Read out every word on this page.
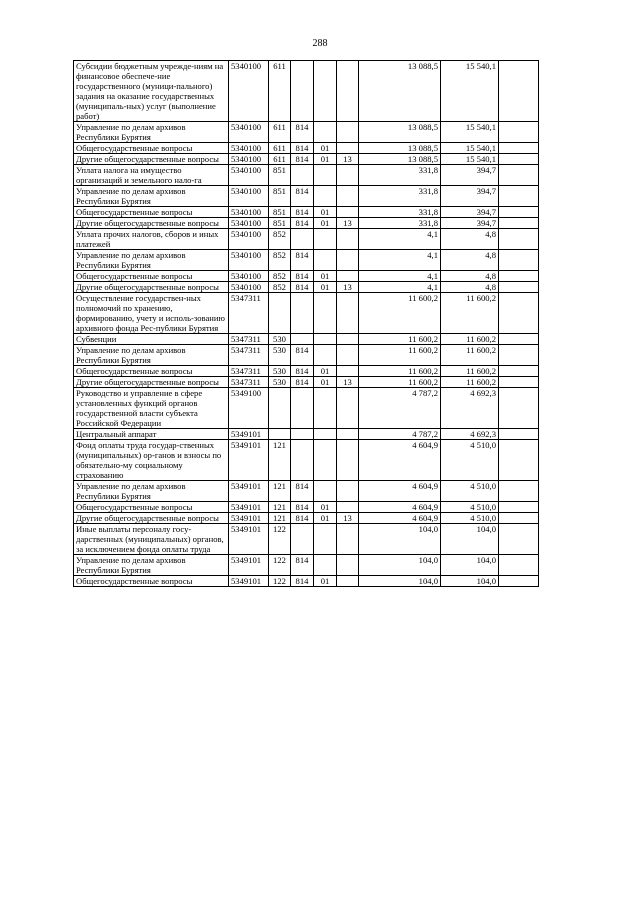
288
Субсидии бюджетным учрежде-ниям на финансовое обеспече-ние государственного (муници-пального) задания на оказание государственных (муниципаль-ных) услуг (выполнение работ)	5340100	611				13 088,5	15 540,1	
Управление по делам архивов Республики Бурятия	5340100	611	814			13 088,5	15 540,1	
Общегосударственные вопросы	5340100	611	814	01		13 088,5	15 540,1	
Другие общегосударственные вопросы	5340100	611	814	01	13	13 088,5	15 540,1	
Уплата налога на имущество организаций и земельного нало-га	5340100	851				331,8	394,7	
Управление по делам архивов Республики Бурятия	5340100	851	814			331,8	394,7	
Общегосударственные вопросы	5340100	851	814	01		331,8	394,7	
Другие общегосударственные вопросы	5340100	851	814	01	13	331,8	394,7	
Уплата прочих налогов, сборов и иных платежей	5340100	852				4,1	4,8	
Управление по делам архивов Республики Бурятия	5340100	852	814			4,1	4,8	
Общегосударственные вопросы	5340100	852	814	01		4,1	4,8	
Другие общегосударственные вопросы	5340100	852	814	01	13	4,1	4,8	
Осуществление государствен-ных полномочий по хранению, формированию, учету и исполь-зованию архивного фонда Рес-публики Бурятия	5347311					11 600,2	11 600,2	
Субвенции	5347311	530				11 600,2	11 600,2	
Управление по делам архивов Республики Бурятия	5347311	530	814			11 600,2	11 600,2	
Общегосударственные вопросы	5347311	530	814	01		11 600,2	11 600,2	
Другие общегосударственные вопросы	5347311	530	814	01	13	11 600,2	11 600,2	
Руководство и управление в сфере установленных функций органов государственной власти субъекта Российской Федерации	5349100					4 787,2	4 692,3	
Центральный аппарат	5349101					4 787,2	4 692,3	
Фонд оплаты труда государ-ственных (муниципальных) ор-ганов и взносы по обязательно-му социальному страхованию	5349101	121				4 604,9	4 510,0	
Управление по делам архивов Республики Бурятия	5349101	121	814			4 604,9	4 510,0	
Общегосударственные вопросы	5349101	121	814	01		4 604,9	4 510,0	
Другие общегосударственные вопросы	5349101	121	814	01	13	4 604,9	4 510,0	
Иные выплаты персоналу госу-дарственных (муниципальных) органов, за исключением фонда оплаты труда	5349101	122				104,0	104,0	
Управление по делам архивов Республики Бурятия	5349101	122	814			104,0	104,0	
Общегосударственные вопросы	5349101	122	814	01		104,0	104,0	
